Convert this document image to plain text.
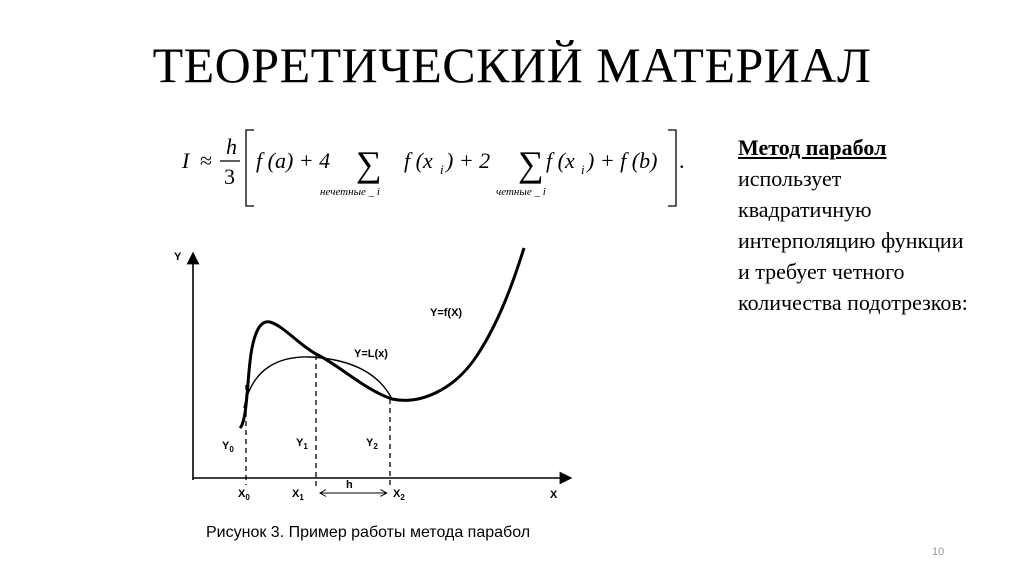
ТЕОРЕТИЧЕСКИЙ МАТЕРИАЛ
I ≈
h
3
f (a) + 4 ∑
нечетные _ i
f (x i ) + 2 ∑
четные _ i
f (x i ) + f (b) .
Метод парабол
использует квадратичную интерполяцию функции и требует четного количества подотрезков:
Y
X
Y=f(X)
Y=L(x)
$Y_0$
$Y_1$	$Y_2$
$X_0$	$X_1$	$X_2$
h
Рисунок 3. Пример работы метода парабол
10
